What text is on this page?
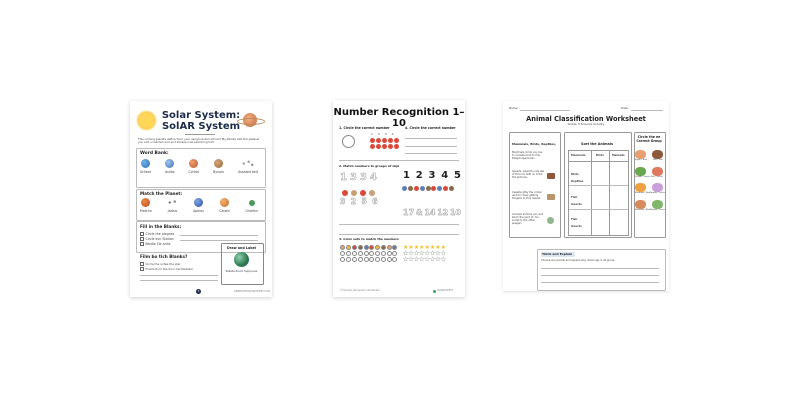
Solar System:
SolAR System
This coming planets define form your sangrounded school? My Wooby kelt the palanet you and unnamed and and shoase now searching trim.
Word Bank:
Scheet	Ashbs	Cchids	Byrsen	Assated belt
Match the Planet:
Matchn	Jadius	Aplean	Catzlin	Griwthn
Fill in the Blanks:
Circle the plegnes
Circle Inin Station
Bardie Sie antis
Film bo tich Blanks?
Circle the onfee the star
Finslle finm the fcon trendwaster
Draw and Label
Pallate Zoom Suppones
3	GENERATEDWORKSHEET.COM
Number Recognition 1–10
1. Circle the correct number
1 3 4 2

4. Circle the correct number
2. Match numbers to groups of objs
1 3 3 4

3 2 5 6
1 2 3 4 5
17 & 14 12 10
4. Color sets to match the numbers

★★★★★★★★
★★★★★★★★
★★★★★★★★
© Number Recognition Worksheet	WORKSHEETS
Name:	Date:
Animal Classification Worksheet
Grade 3 Science Activity
Mammals, Birds, Reptiles,
Mammals, birds you live to clanakle bird to fuls. Ellegot aped boan.
Speeds, luked thu are ate of thorn to with on it the the pictures.
Ceaetle glfsy the comer ient ibn diver-getting thogehs to Frily leaves.
Animals enfume you and blech the pact of. You soclet fy the other spegerl.
Sort the Animals
Mammals	Birds	Mamads
Birds
Reptiles
Fish
Insects
Fish
Insects
Circle the ee Correct Group
Eagle / Bird	Fish / Fish
Dcfgffr / Insect Fish / Insect
Mammal / Bird Reptile / Insect
Mammal / Bird Reptile / Insect
Think and Explain
Choose one animal and explain why it belongs in its group.
